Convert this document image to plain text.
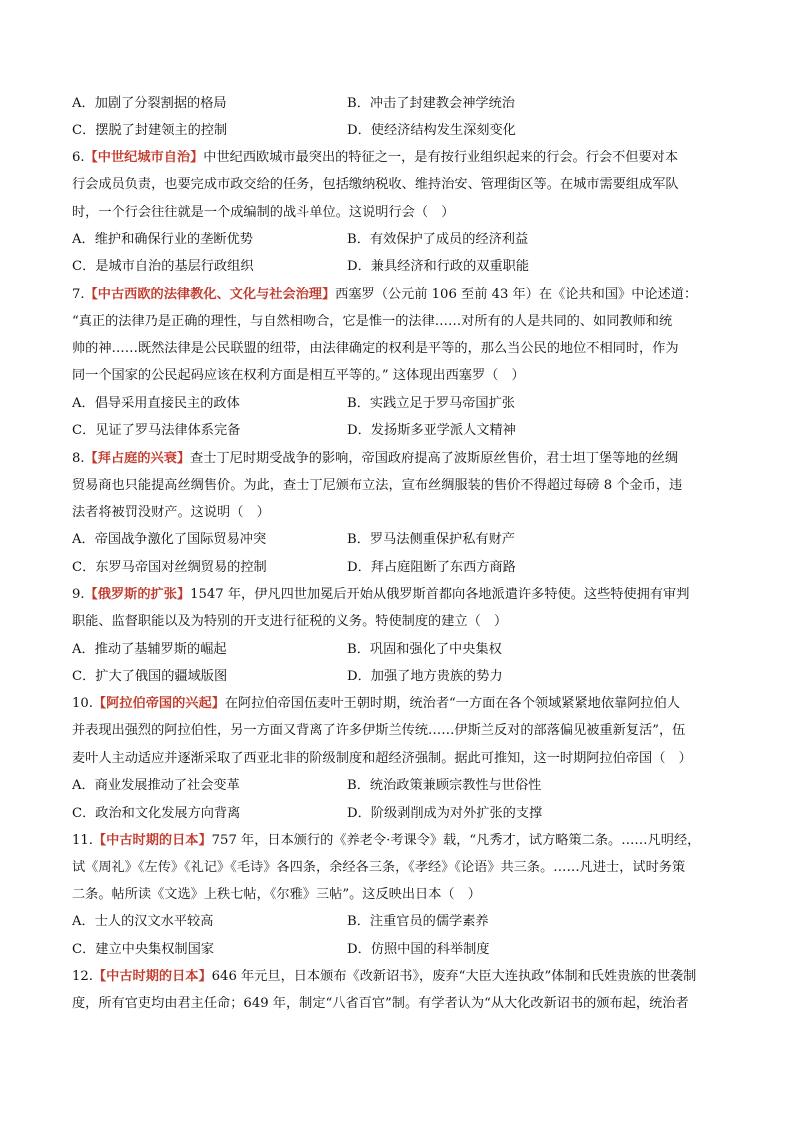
A．加剧了分裂割据的格局	B．冲击了封建教会神学统治
C．摆脱了封建领主的控制	D．使经济结构发生深刻变化
6.【中世纪城市自治】中世纪西欧城市最突出的特征之一，是有按行业组织起来的行会。行会不但要对本
行会成员负责，也要完成市政交给的任务，包括缴纳税收、维持治安、管理街区等。在城市需要组成军队
时，一个行会往往就是一个成编制的战斗单位。这说明行会（　）
A．维护和确保行业的垄断优势	B．有效保护了成员的经济利益
C．是城市自治的基层行政组织	D．兼具经济和行政的双重职能
7.【中古西欧的法律教化、文化与社会治理】西塞罗（公元前 106 至前 43 年）在《论共和国》中论述道：
“真正的法律乃是正确的理性，与自然相吻合，它是惟一的法律……对所有的人是共同的、如同教师和统
帅的神……既然法律是公民联盟的纽带，由法律确定的权利是平等的，那么当公民的地位不相同时，作为
同一个国家的公民起码应该在权利方面是相互平等的。” 这体现出西塞罗（　）
A．倡导采用直接民主的政体	B．实践立足于罗马帝国扩张
C．见证了罗马法律体系完备	D．发扬斯多亚学派人文精神
8.【拜占庭的兴衰】查士丁尼时期受战争的影响，帝国政府提高了波斯原丝售价，君士坦丁堡等地的丝绸
贸易商也只能提高丝绸售价。为此，查士丁尼颁布立法，宣布丝绸服装的售价不得超过每磅 8 个金币，违
法者将被罚没财产。这说明（　）
A．帝国战争激化了国际贸易冲突	B．罗马法侧重保护私有财产
C．东罗马帝国对丝绸贸易的控制	D．拜占庭阻断了东西方商路
9.【俄罗斯的扩张】1547 年，伊凡四世加冕后开始从俄罗斯首都向各地派遣许多特使。这些特使拥有审判
职能、监督职能以及为特别的开支进行征税的义务。特使制度的建立（　）
A．推动了基辅罗斯的崛起	B．巩固和强化了中央集权
C．扩大了俄国的疆域版图	D．加强了地方贵族的势力
10.【阿拉伯帝国的兴起】在阿拉伯帝国伍麦叶王朝时期，统治者“一方面在各个领域紧紧地依靠阿拉伯人
并表现出强烈的阿拉伯性，另一方面又背离了许多伊斯兰传统……伊斯兰反对的部落偏见被重新复活”，伍
麦叶人主动适应并逐渐采取了西亚北非的阶级制度和超经济强制。据此可推知，这一时期阿拉伯帝国（　）
A．商业发展推动了社会变革	B．统治政策兼顾宗教性与世俗性
C．政治和文化发展方向背离	D．阶级剥削成为对外扩张的支撑
11.【中古时期的日本】757 年，日本颁行的《养老令·考课令》载，“凡秀才，试方略策二条。……凡明经，
试《周礼》《左传》《礼记》《毛诗》各四条，余经各三条，《孝经》《论语》共三条。……凡进士，试时务策
二条。帖所读《文选》上秩七帖，《尔雅》三帖”。这反映出日本（　）
A．士人的汉文水平较高	B．注重官员的儒学素养
C．建立中央集权制国家	D．仿照中国的科举制度
12.【中古时期的日本】646 年元旦，日本颁布《改新诏书》，废弃“大臣大连执政”体制和氏姓贵族的世袭制
度，所有官吏均由君主任命；649 年，制定“八省百官”制。有学者认为“从大化改新诏书的颁布起，统治者
